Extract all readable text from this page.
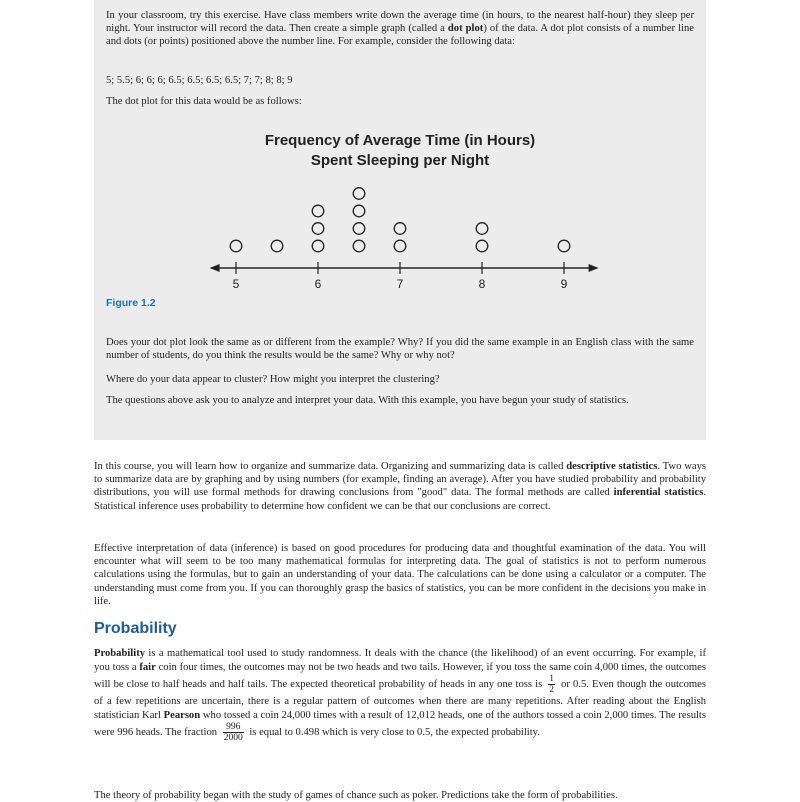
In your classroom, try this exercise. Have class members write down the average time (in hours, to the nearest half-hour) they sleep per night. Your instructor will record the data. Then create a simple graph (called a dot plot) of the data. A dot plot consists of a number line and dots (or points) positioned above the number line. For example, consider the following data:

5; 5.5; 6; 6; 6; 6.5; 6.5; 6.5; 6.5; 7; 7; 8; 8; 9

The dot plot for this data would be as follows:

Frequency of Average Time (in Hours)
Spent Sleeping per Night
5	6	7	8	9
Figure 1.2

Does your dot plot look the same as or different from the example? Why? If you did the same example in an English class with the same number of students, do you think the results would be the same? Why or why not?

Where do your data appear to cluster? How might you interpret the clustering?

The questions above ask you to analyze and interpret your data. With this example, you have begun your study of statistics.

In this course, you will learn how to organize and summarize data. Organizing and summarizing data is called descriptive statistics. Two ways to summarize data are by graphing and by using numbers (for example, finding an average). After you have studied probability and probability distributions, you will use formal methods for drawing conclusions from "good" data. The formal methods are called inferential statistics. Statistical inference uses probability to determine how confident we can be that our conclusions are correct.

Effective interpretation of data (inference) is based on good procedures for producing data and thoughtful examination of the data. You will encounter what will seem to be too many mathematical formulas for interpreting data. The goal of statistics is not to perform numerous calculations using the formulas, but to gain an understanding of your data. The calculations can be done using a calculator or a computer. The understanding must come from you. If you can thoroughly grasp the basics of statistics, you can be more confident in the decisions you make in life.

Probability

Probability is a mathematical tool used to study randomness. It deals with the chance (the likelihood) of an event occurring. For example, if you toss a fair coin four times, the outcomes may not be two heads and two tails. However, if you toss the same coin 4,000 times, the outcomes will be close to half heads and half tails. The expected theoretical probability of heads in any one toss is $\frac{1}{2}$ or 0.5. Even though the outcomes of a few repetitions are uncertain, there is a regular pattern of outcomes when there are many repetitions. After reading about the English statistician Karl Pearson who tossed a coin 24,000 times with a result of 12,012 heads, one of the authors tossed a coin 2,000 times. The results were 996 heads. The fraction $\frac{996}{2000}$ is equal to 0.498 which is very close to 0.5, the expected probability.

The theory of probability began with the study of games of chance such as poker. Predictions take the form of probabilities.
